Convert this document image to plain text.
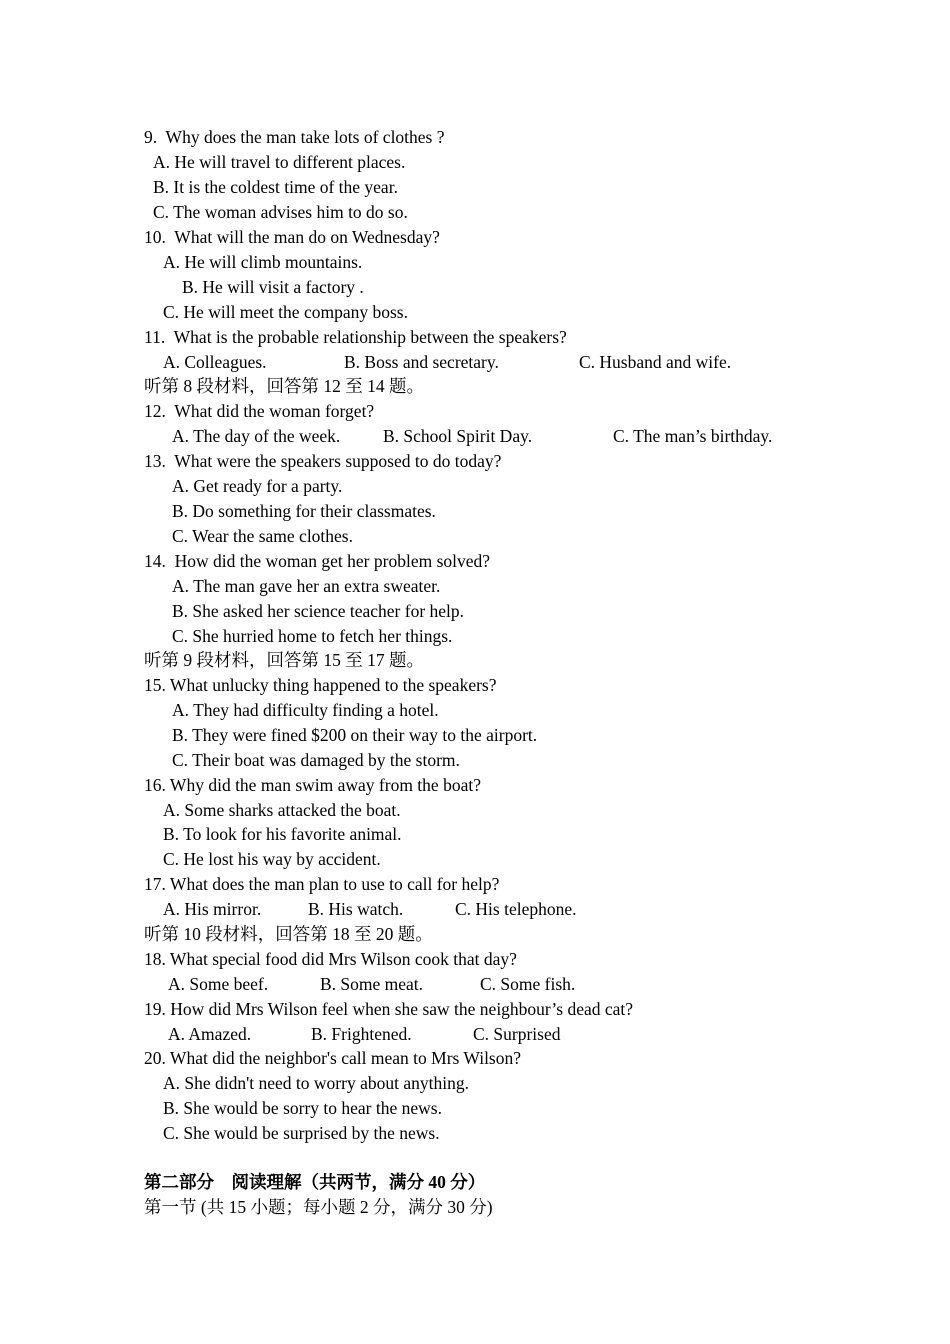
9.  Why does the man take lots of clothes ?
A. He will travel to different places.
B. It is the coldest time of the year.
C. The woman advises him to do so.
10.  What will the man do on Wednesday?
A. He will climb mountains.
B. He will visit a factory .
C. He will meet the company boss.
11.  What is the probable relationship between the speakers?
A. Colleagues.	B. Boss and secretary.	C. Husband and wife.
听第 8 段材料，回答第 12 至 14 题。
12.  What did the woman forget?
A. The day of the week. B. School Spirit Day.	C. The man’s birthday.
13.  What were the speakers supposed to do today?
A. Get ready for a party.
B. Do something for their classmates.
C. Wear the same clothes.
14.  How did the woman get her problem solved?
A. The man gave her an extra sweater.
B. She asked her science teacher for help.
C. She hurried home to fetch her things.
听第 9 段材料，回答第 15 至 17 题。
15. What unlucky thing happened to the speakers?
A. They had difficulty finding a hotel.
B. They were fined $200 on their way to the airport.
C. Their boat was damaged by the storm.
16. Why did the man swim away from the boat?
A. Some sharks attacked the boat.
B. To look for his favorite animal.
C. He lost his way by accident.
17. What does the man plan to use to call for help?
A. His mirror.	B. His watch.	C. His telephone.
听第 10 段材料，回答第 18 至 20 题。
18. What special food did Mrs Wilson cook that day?
A. Some beef.	B. Some meat.	C. Some fish.
19. How did Mrs Wilson feel when she saw the neighbour’s dead cat?
A. Amazed.	B. Frightened.	C. Surprised
20. What did the neighbor's call mean to Mrs Wilson?
A. She didn't need to worry about anything.
B. She would be sorry to hear the news.
C. She would be surprised by the news.
第二部分　阅读理解（共两节，满分 40 分）
第一节 (共 15 小题；每小题 2 分，满分 30 分)
